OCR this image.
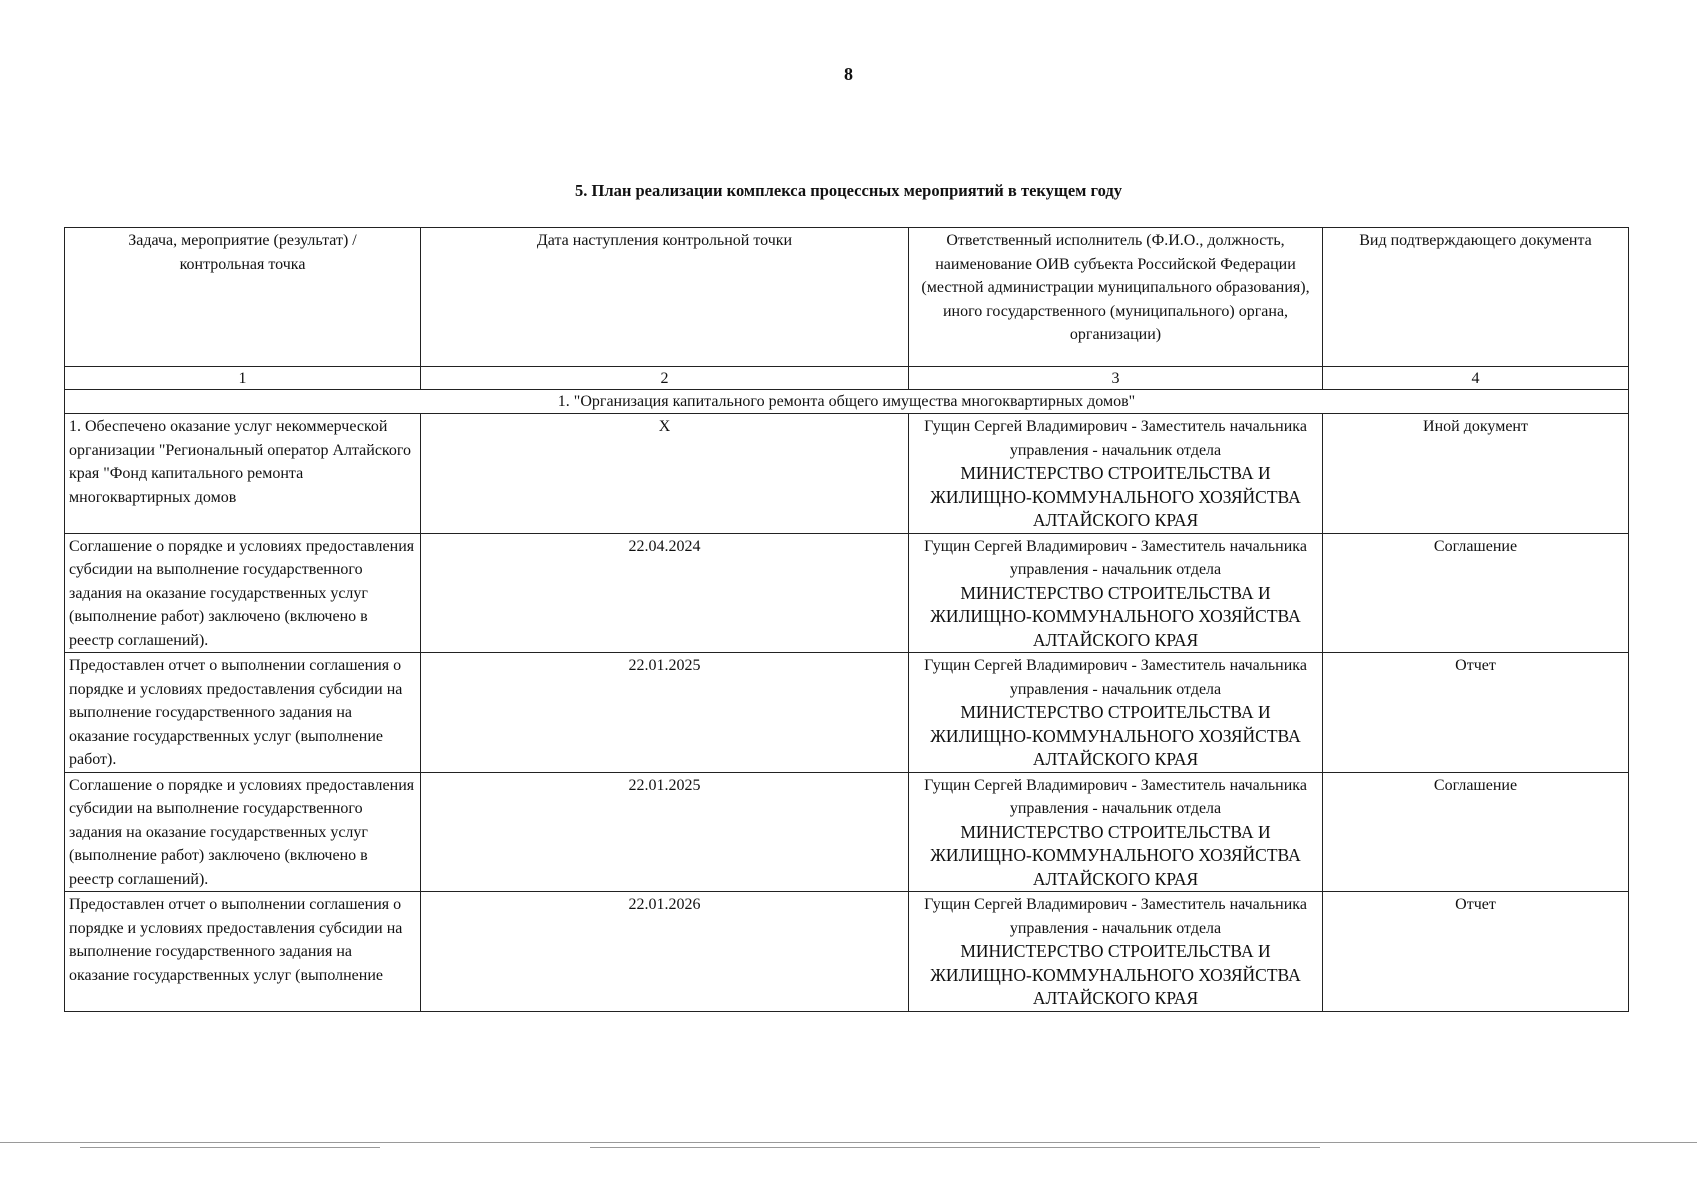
8
5. План реализации комплекса процессных мероприятий в текущем году
Задача, мероприятие (результат) / контрольная точка	Дата наступления контрольной точки	Ответственный исполнитель (Ф.И.О., должность, наименование ОИВ субъекта Российской Федерации (местной администрации муниципального образования), иного государственного (муниципального) органа, организации)	Вид подтверждающего документа
1	2	3	4
1. "Организация капитального ремонта общего имущества многоквартирных домов"			
1. Обеспечено оказание услуг некоммерческой организации "Региональный оператор Алтайского края "Фонд капитального ремонта многоквартирных домов	X	Гущин Сергей Владимирович - Заместитель начальника управления - начальник отдела
МИНИСТЕРСТВО СТРОИТЕЛЬСТВА И ЖИЛИЩНО-КОММУНАЛЬНОГО ХОЗЯЙСТВА АЛТАЙСКОГО КРАЯ	Иной документ
Соглашение о порядке и условиях предоставления субсидии на выполнение государственного задания на оказание государственных услуг (выполнение работ) заключено (включено в реестр соглашений).	22.04.2024	Гущин Сергей Владимирович - Заместитель начальника управления - начальник отдела
МИНИСТЕРСТВО СТРОИТЕЛЬСТВА И ЖИЛИЩНО-КОММУНАЛЬНОГО ХОЗЯЙСТВА АЛТАЙСКОГО КРАЯ	Соглашение
Предоставлен отчет о выполнении соглашения о порядке и условиях предоставления субсидии на выполнение государственного задания на оказание государственных услуг (выполнение работ).	22.01.2025	Гущин Сергей Владимирович - Заместитель начальника управления - начальник отдела
МИНИСТЕРСТВО СТРОИТЕЛЬСТВА И ЖИЛИЩНО-КОММУНАЛЬНОГО ХОЗЯЙСТВА АЛТАЙСКОГО КРАЯ	Отчет
Соглашение о порядке и условиях предоставления субсидии на выполнение государственного задания на оказание государственных услуг (выполнение работ) заключено (включено в реестр соглашений).	22.01.2025	Гущин Сергей Владимирович - Заместитель начальника управления - начальник отдела
МИНИСТЕРСТВО СТРОИТЕЛЬСТВА И ЖИЛИЩНО-КОММУНАЛЬНОГО ХОЗЯЙСТВА АЛТАЙСКОГО КРАЯ	Соглашение
Предоставлен отчет о выполнении соглашения о порядке и условиях предоставления субсидии на выполнение государственного задания на оказание государственных услуг (выполнение	22.01.2026	Гущин Сергей Владимирович - Заместитель начальника управления - начальник отдела
МИНИСТЕРСТВО СТРОИТЕЛЬСТВА И ЖИЛИЩНО-КОММУНАЛЬНОГО ХОЗЯЙСТВА АЛТАЙСКОГО КРАЯ	Отчет
